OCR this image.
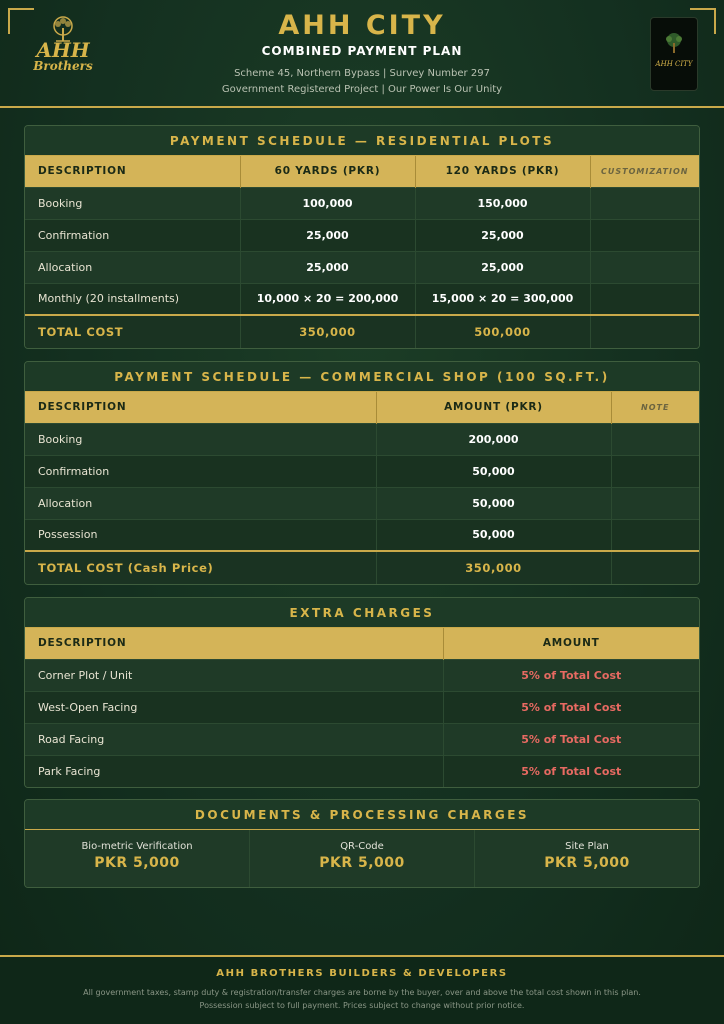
AHH
Brothers
AHH CITY
COMBINED PAYMENT PLAN
Scheme 45, Northern Bypass | Survey Number 297
Government Registered Project | Our Power Is Our Unity
AHH CITY
PAYMENT SCHEDULE — RESIDENTIAL PLOTS
DESCRIPTION	60 YARDS (PKR)	120 YARDS (PKR)	CUSTOMIZATION
Booking	100,000	150,000	
Confirmation	25,000	25,000	
Allocation	25,000	25,000	
Monthly (20 installments)	10,000 × 20 = 200,000	15,000 × 20 = 300,000	
TOTAL COST	350,000	500,000	
PAYMENT SCHEDULE — COMMERCIAL SHOP (100 SQ.FT.)
DESCRIPTION	AMOUNT (PKR)	NOTE
Booking	200,000	
Confirmation	50,000	
Allocation	50,000	
Possession	50,000	
TOTAL COST (Cash Price)	350,000	
EXTRA CHARGES
DESCRIPTION	AMOUNT
Corner Plot / Unit	5% of Total Cost
West-Open Facing	5% of Total Cost
Road Facing	5% of Total Cost
Park Facing	5% of Total Cost
DOCUMENTS & PROCESSING CHARGES
Bio-metric Verification
PKR 5,000
QR-Code
PKR 5,000
Site Plan
PKR 5,000
AHH BROTHERS BUILDERS & DEVELOPERS
All government taxes, stamp duty & registration/transfer charges are borne by the buyer, over and above the total cost shown in this plan.
Possession subject to full payment. Prices subject to change without prior notice.
